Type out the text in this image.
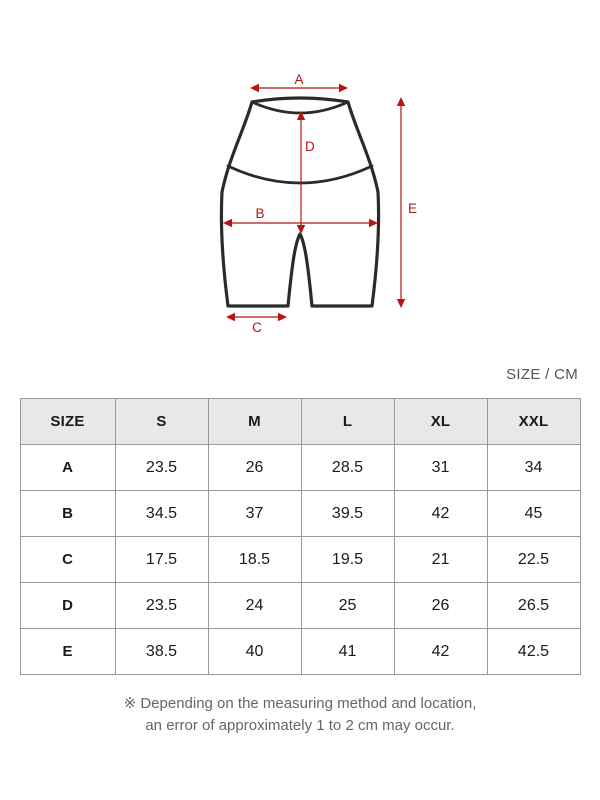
A
B
C
D
E
SIZE / CM
SIZE	S	M	L	XL	XXL
A	23.5	26	28.5	31	34
B	34.5	37	39.5	42	45
C	17.5	18.5	19.5	21	22.5
D	23.5	24	25	26	26.5
E	38.5	40	41	42	42.5
※ Depending on the measuring method and location,
an error of approximately 1 to 2 cm may occur.
